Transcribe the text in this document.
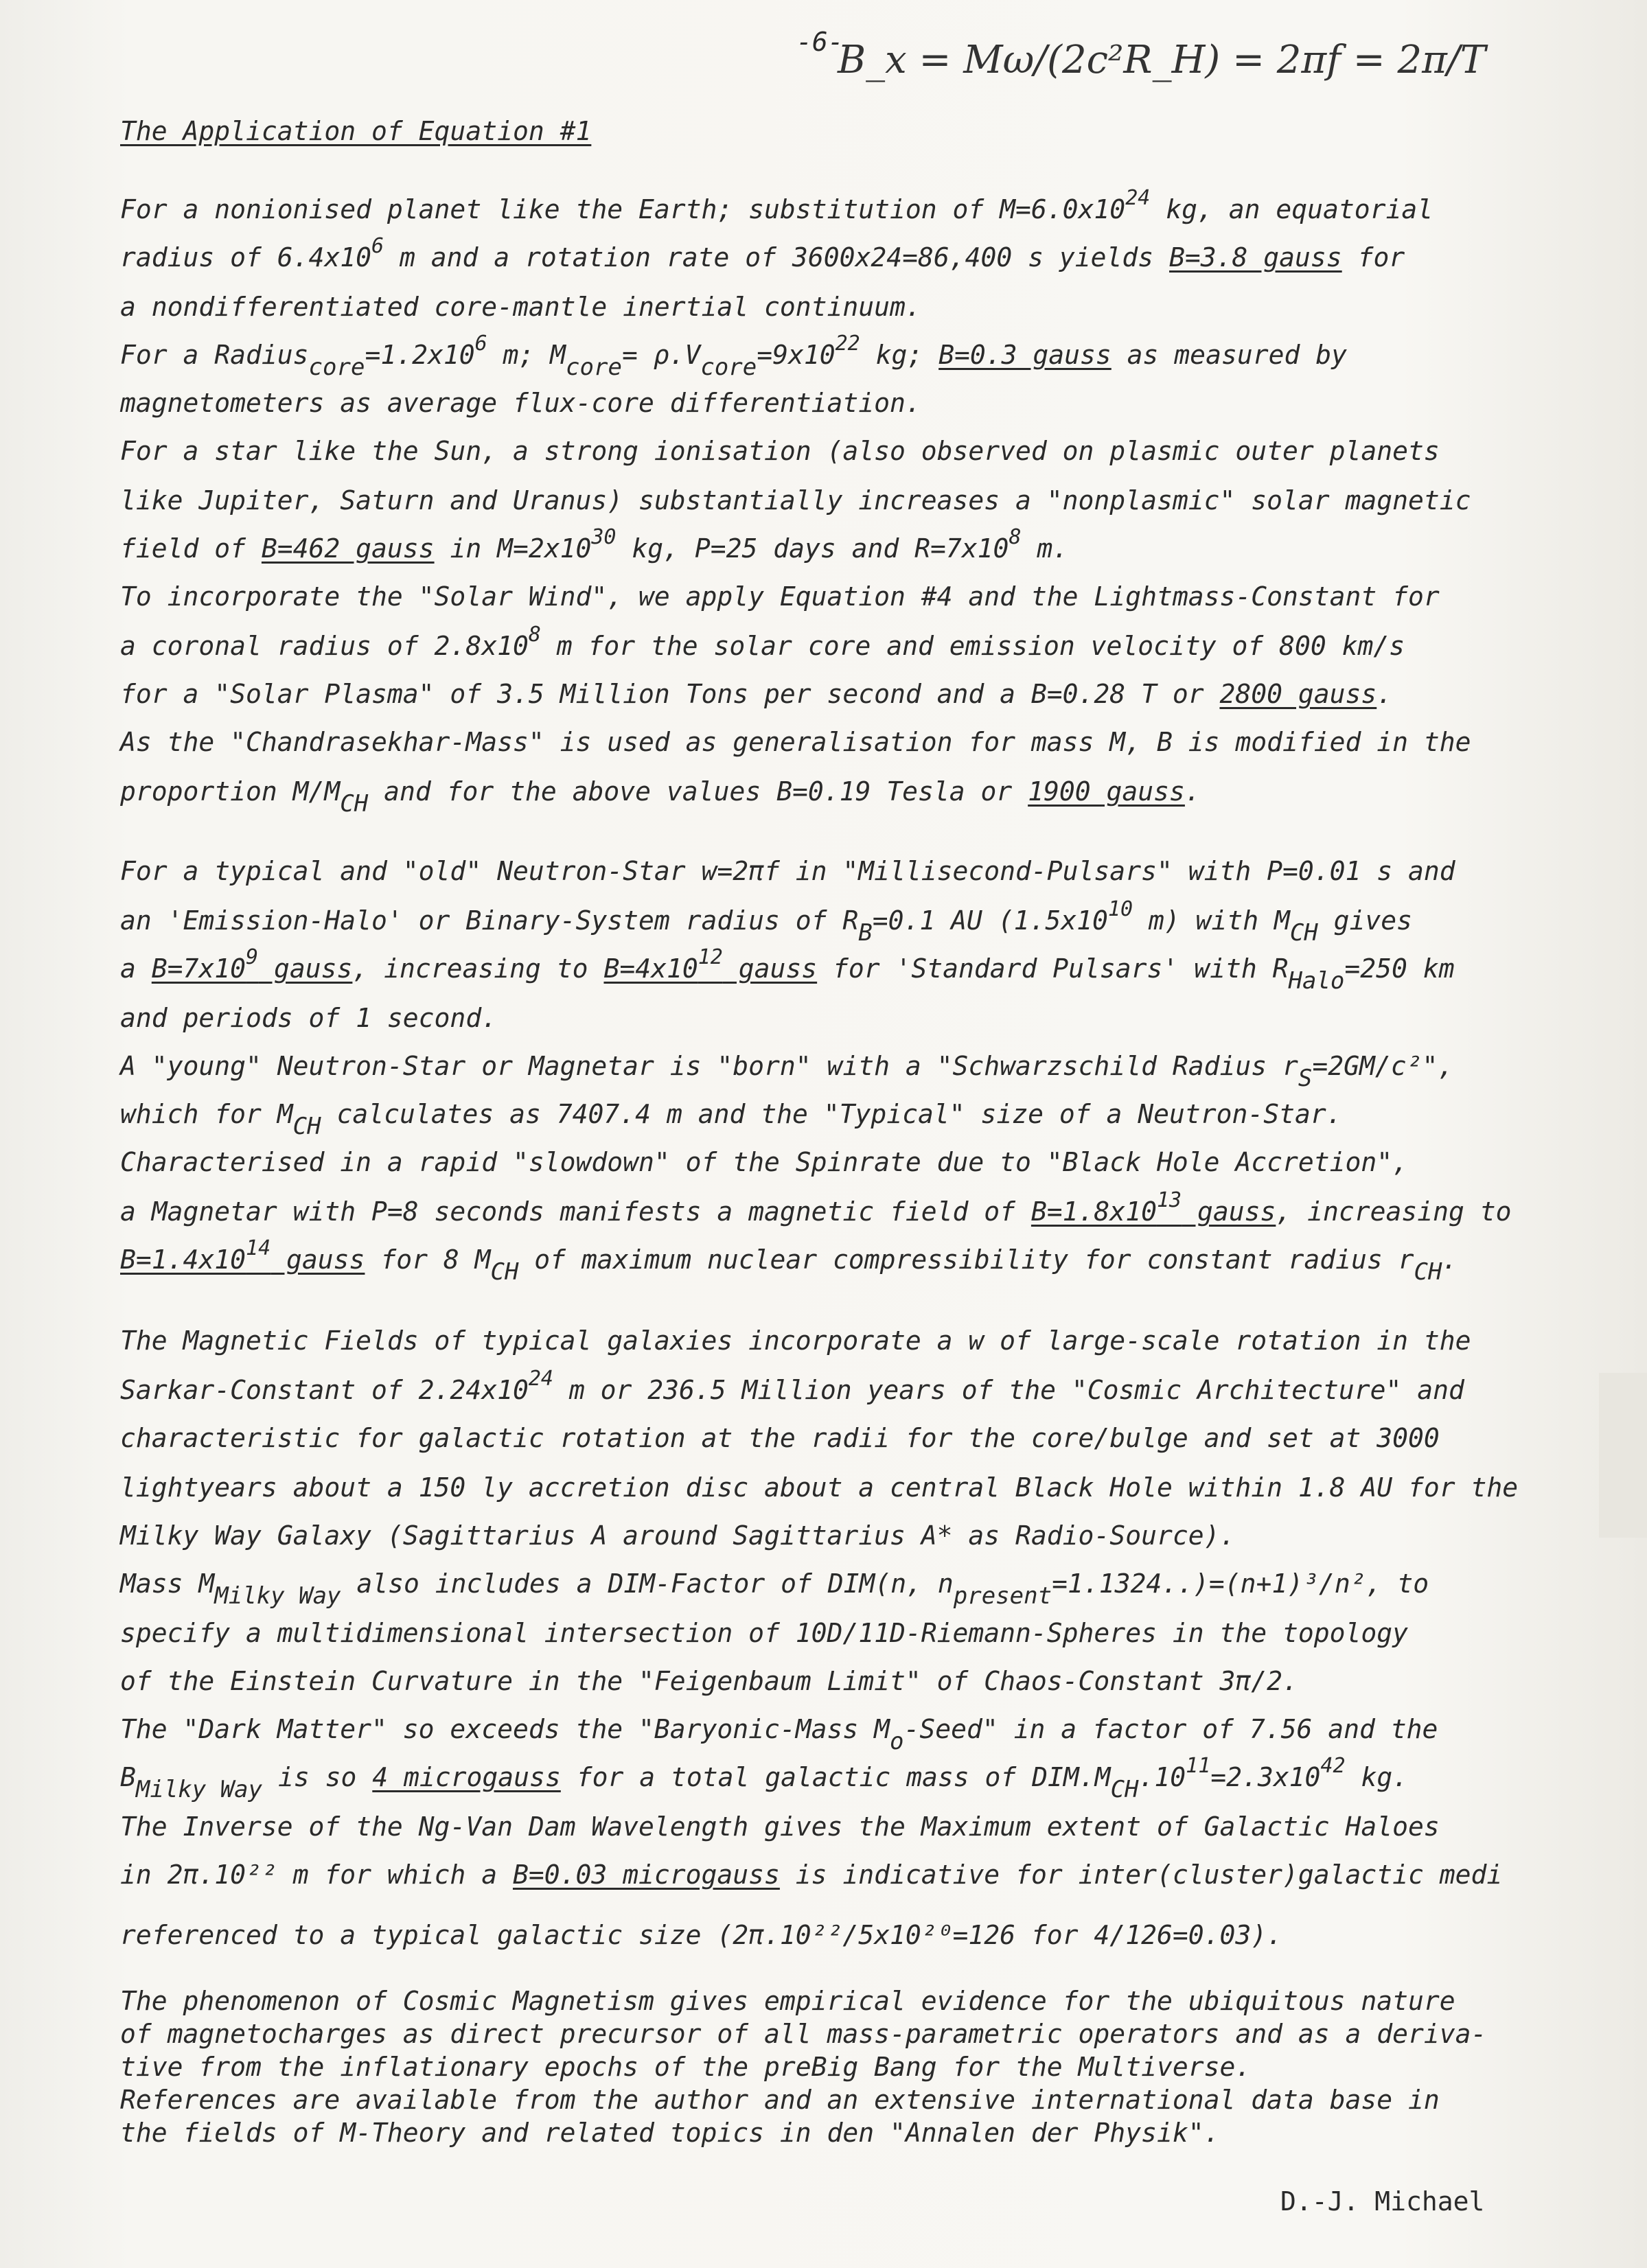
-6-
B_x = Mω/(2c²R_H) = 2πf = 2π/T
The Application of Equation #1
For a nonionised planet like the Earth; substitution of $M=6.0x10^{24}$ kg, an equatorial
radius of $6.4x10^6$ m and a rotation rate of 3600x24=86,400 s yields B=3.8 gauss for
a nondifferentiated core-mantle inertial continuum.
For a $Radius_{core}=1.2x10^6$ m; $M_{core}= \rho.V_{core}=9x10^{22}$ kg; B=0.3 gauss as measured by
magnetometers as average flux-core differentiation.
For a star like the Sun, a strong ionisation (also observed on plasmic outer planets
like Jupiter, Saturn and Uranus) substantially increases a "nonplasmic" solar magnetic
field of B=462 gauss in $M=2x10^{30}$ kg, P=25 days and $R=7x10^8$ m.
To incorporate the "Solar Wind", we apply Equation #4 and the Lightmass-Constant for
a coronal radius of $2.8x10^8$ m for the solar core and emission velocity of 800 km/s
for a "Solar Plasma" of 3.5 Million Tons per second and a B=0.28 T or 2800 gauss.
As the "Chandrasekhar-Mass" is used as generalisation for mass M, B is modified in the
proportion $M/M_{CH}$ and for the above values B=0.19 Tesla or 1900 gauss.
For a typical and "old" Neutron-Star w=2πf in "Millisecond-Pulsars" with P=0.01 s and
an 'Emission-Halo' or Binary-System radius of $R_B=0.1$ AU ($1.5x10^{10}$ m) with $M_{CH}$ gives
a $B=7x10^9$ gauss, increasing to $B=4x10^{12}$ gauss for 'Standard Pulsars' with $R_{Halo}=250$ km
and periods of 1 second.
A "young" Neutron-Star or Magnetar is "born" with a "Schwarzschild Radius $r_S=2GM/c^2$",
which for $M_{CH}$ calculates as 7407.4 m and the "Typical" size of a Neutron-Star.
Characterised in a rapid "slowdown" of the Spinrate due to "Black Hole Accretion",
a Magnetar with P=8 seconds manifests a magnetic field of $B=1.8x10^{13}$ gauss, increasing to
$B=1.4x10^{14}$ gauss for 8 $M_{CH}$ of maximum nuclear compressibility for constant radius $r_{CH}$.
The Magnetic Fields of typical galaxies incorporate a w of large-scale rotation in the
Sarkar-Constant of $2.24x10^{24}$ m or 236.5 Million years of the "Cosmic Architecture" and
characteristic for galactic rotation at the radii for the core/bulge and set at 3000
lightyears about a 150 ly accretion disc about a central Black Hole within 1.8 AU for the
Milky Way Galaxy (Sagittarius A around Sagittarius A* as Radio-Source).
Mass $M_{Milky Way}$ also includes a DIM-Factor of DIM(n, $n_{present}=1.1324..)=(n+1)^3/n^2$, to
specify a multidimensional intersection of 10D/11D-Riemann-Spheres in the topology
of the Einstein Curvature in the "Feigenbaum Limit" of Chaos-Constant 3π/2.
The "Dark Matter" so exceeds the "Baryonic-Mass $M_o$-Seed" in a factor of 7.56 and the
$B_{Milky Way}$ is so 4 microgauss for a total galactic mass of $DIM.M_{CH}.10^{11}=2.3x10^{42}$ kg.
The Inverse of the Ng-Van Dam Wavelength gives the Maximum extent of Galactic Haloes
in 2π.10²² m for which a B=0.03 microgauss is indicative for inter(cluster)galactic medi
referenced to a typical galactic size (2π.10²²/5x10²⁰=126 for 4/126=0.03).
The phenomenon of Cosmic Magnetism gives empirical evidence for the ubiquitous nature
of magnetocharges as direct precursor of all mass-parametric operators and as a deriva-
tive from the inflationary epochs of the preBig Bang for the Multiverse.
References are available from the author and an extensive international data base in
the fields of M-Theory and related topics in den "Annalen der Physik".
D.-J. Michael
